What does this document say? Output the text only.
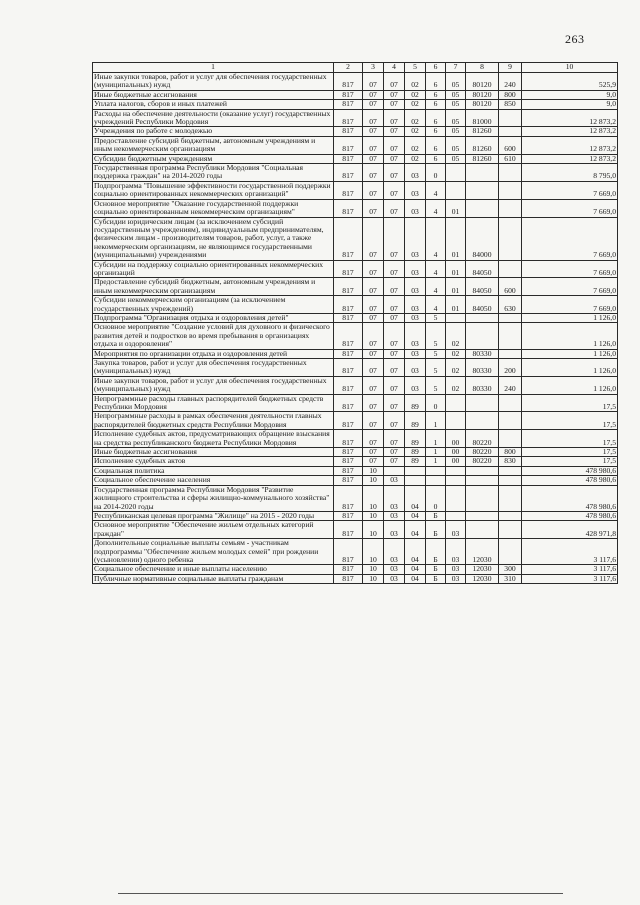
263
1	2	3	4	5	6	7	8	9	10
Иные закупки товаров, работ и услуг для обеспечения государственных (муниципальных) нужд	817	07	07	02	6	05	80120	240	525,9
Иные бюджетные ассигнования	817	07	07	02	6	05	80120	800	9,0
Уплата налогов, сборов и иных платежей	817	07	07	02	6	05	80120	850	9,0
Расходы на обеспечение деятельности (оказание услуг) государственных учреждений Республики Мордовия	817	07	07	02	6	05	81000		12 873,2
Учреждения по работе с молодежью	817	07	07	02	6	05	81260		12 873,2
Предоставление субсидий бюджетным, автономным учреждениям и иным некоммерческим организациям	817	07	07	02	6	05	81260	600	12 873,2
Субсидии бюджетным учреждениям	817	07	07	02	6	05	81260	610	12 873,2
Государственная программа Республики Мордовия "Социальная поддержка граждан" на 2014-2020 годы	817	07	07	03	0				8 795,0
Подпрограмма "Повышение эффективности государственной поддержки социально ориентированных некоммерческих организаций"	817	07	07	03	4				7 669,0
Основное мероприятие "Оказание государственной поддержки социально ориентированным некоммерческим организациям"	817	07	07	03	4	01			7 669,0
Субсидии юридическим лицам (за исключением субсидий государственным учреждениям), индивидуальным предпринимателям, физическим лицам - производителям товаров, работ, услуг, а также некоммерческим организациям, не являющимся государственными (муниципальными) учреждениями	817	07	07	03	4	01	84000		7 669,0
Субсидии на поддержку социально ориентированных некоммерческих организаций	817	07	07	03	4	01	84050		7 669,0
Предоставление субсидий бюджетным, автономным учреждениям и иным некоммерческим организациям	817	07	07	03	4	01	84050	600	7 669,0
Субсидии некоммерческим организациям (за исключением государственных учреждений)	817	07	07	03	4	01	84050	630	7 669,0
Подпрограмма "Организация отдыха и оздоровления детей"	817	07	07	03	5				1 126,0
Основное мероприятие "Создание условий для духовного и физического развития детей и подростков во время пребывания в организациях отдыха и оздоровления"	817	07	07	03	5	02			1 126,0
Мероприятия по организации отдыха и оздоровления детей	817	07	07	03	5	02	80330		1 126,0
Закупка товаров, работ и услуг для обеспечения государственных (муниципальных) нужд	817	07	07	03	5	02	80330	200	1 126,0
Иные закупки товаров, работ и услуг для обеспечения государственных (муниципальных) нужд	817	07	07	03	5	02	80330	240	1 126,0
Непрограммные расходы главных распорядителей бюджетных средств Республики Мордовия	817	07	07	89	0				17,5
Непрограммные расходы в рамках обеспечения деятельности главных распорядителей бюджетных средств Республики Мордовия	817	07	07	89	1				17,5
Исполнение судебных актов, предусматривающих обращение взыскания на средства республиканского бюджета Республики Мордовия	817	07	07	89	1	00	80220		17,5
Иные бюджетные ассигнования	817	07	07	89	1	00	80220	800	17,5
Исполнение судебных актов	817	07	07	89	1	00	80220	830	17,5
Социальная политика	817	10							478 980,6
Социальное обеспечение населения	817	10	03						478 980,6
Государственная программа Республики Мордовия "Развитие жилищного строительства и сферы жилищно-коммунального хозяйства" на 2014-2020 годы	817	10	03	04	0				478 980,6
Республиканская целевая программа "Жилище" на 2015 - 2020 годы	817	10	03	04	Б				478 980,6
Основное мероприятие "Обеспечение жильем отдельных категорий граждан"	817	10	03	04	Б	03			428 971,8
Дополнительные социальные выплаты семьям - участникам подпрограммы "Обеспечение жильем молодых семей" при рождении (усыновлении) одного ребенка	817	10	03	04	Б	03	12030		3 117,6
Социальное обеспечение и иные выплаты населению	817	10	03	04	Б	03	12030	300	3 117,6
Публичные нормативные социальные выплаты гражданам	817	10	03	04	Б	03	12030	310	3 117,6
